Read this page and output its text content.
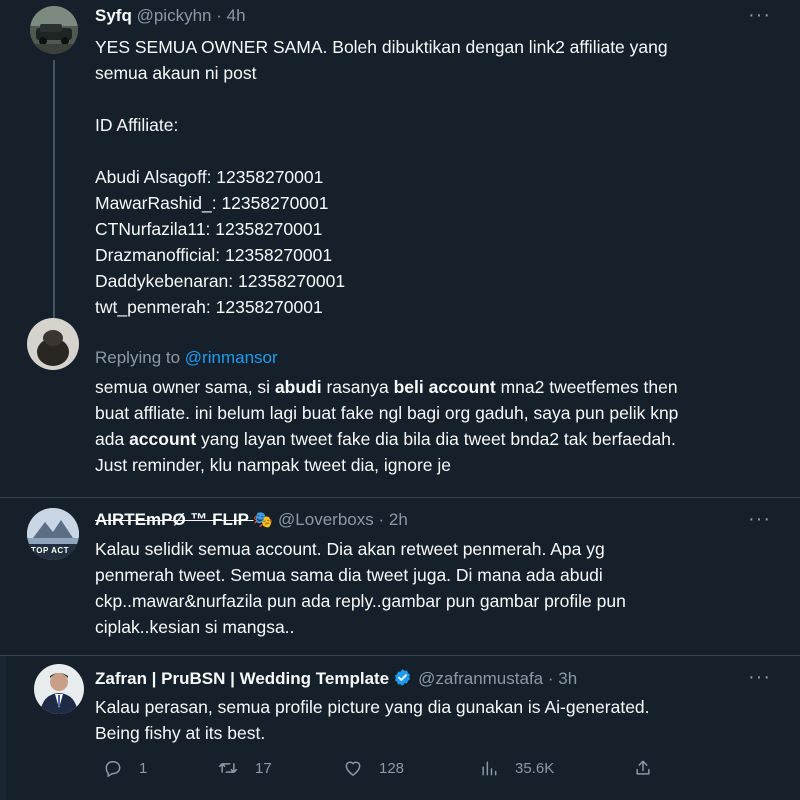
Syfq @pickyhn · 4h	···

YES SEMUA OWNER SAMA. Boleh dibuktikan dengan link2 affiliate yang

semua akaun ni post

ID Affiliate:

Abudi Alsagoff: 12358270001

MawarRashid_: 12358270001

CTNurfazila11: 12358270001

Drazmanofficial: 12358270001

Daddykebenaran: 12358270001

twt_penmerah: 12358270001

Replying to @rinmansor

semua owner sama, si abudi rasanya beli account mna2 tweetfemes then

buat affliate. ini belum lagi buat fake ngl bagi org gaduh, saya pun pelik knp

ada account yang layan tweet fake dia bila dia tweet bnda2 tak berfaedah.

Just reminder, klu nampak tweet dia, ignore je

TOP ACT
AIRTEmPØ ™ FLIP 🎭 @Loverboxs · 2h	···

Kalau selidik semua account. Dia akan retweet penmerah. Apa yg

penmerah tweet. Semua sama dia tweet juga. Di mana ada abudi

ckp..mawar&nurfazila pun ada reply..gambar pun gambar profile pun

ciplak..kesian si mangsa..

Zafran | PruBSN | Wedding Template @zafranmustafa · 3h	···

Kalau perasan, semua profile picture yang dia gunakan is Ai-generated.

Being fishy at its best.

1	17	128	35.6K
